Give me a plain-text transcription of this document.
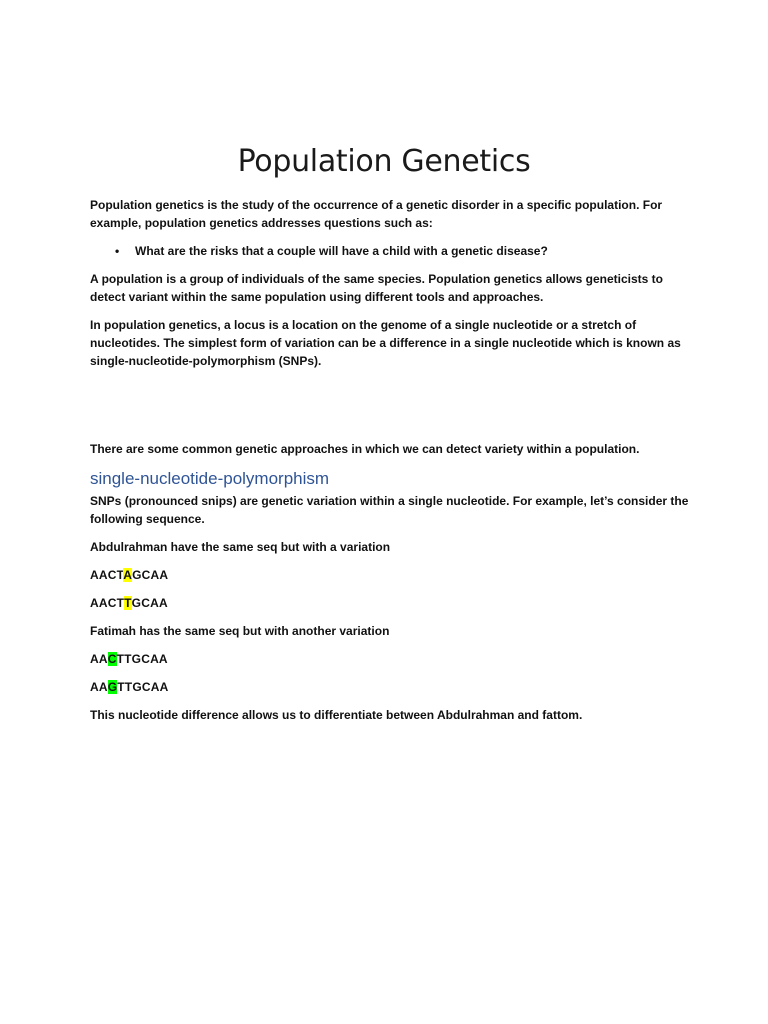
Population Genetics

Population genetics is the study of the occurrence of a genetic disorder in a specific population. For example, population genetics addresses questions such as:

•	What are the risks that a couple will have a child with a genetic disease?

A population is a group of individuals of the same species. Population genetics allows geneticists to detect variant within the same population using different tools and approaches.

In population genetics, a locus is a location on the genome of a single nucleotide or a stretch of nucleotides. The simplest form of variation can be a difference in a single nucleotide which is known as single-nucleotide-polymorphism (SNPs).

There are some common genetic approaches in which we can detect variety within a population.

single-nucleotide-polymorphism

SNPs (pronounced snips) are genetic variation within a single nucleotide. For example, let’s consider the following sequence.

Abdulrahman have the same seq but with a variation

AACTAGCAA

AACTTGCAA

Fatimah has the same seq but with another variation

AACTTGCAA

AAGTTGCAA

This nucleotide difference allows us to differentiate between Abdulrahman and fattom.
